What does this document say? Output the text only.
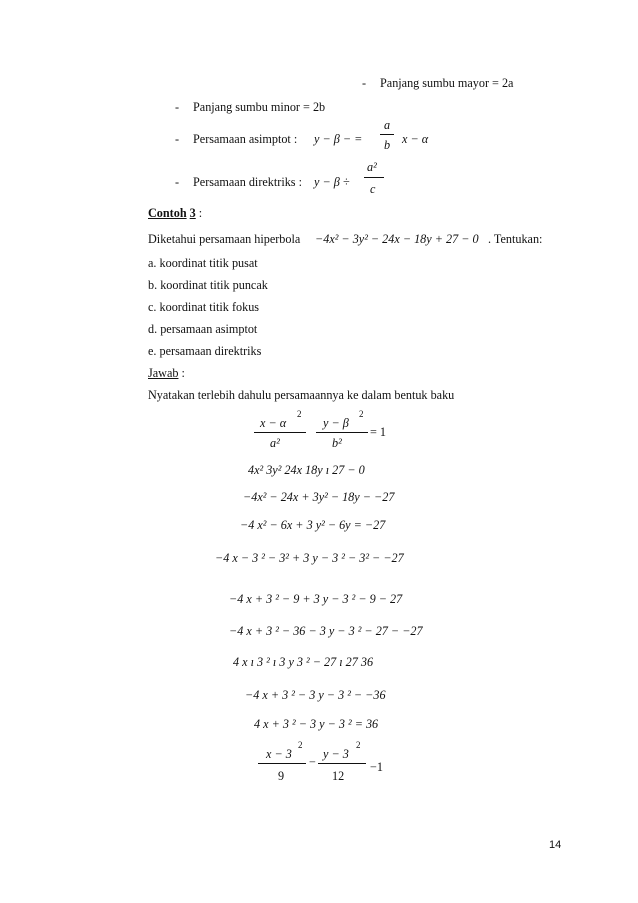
- Panjang sumbu mayor = 2a
- Panjang sumbu minor = 2b
- Persamaan asimptot : y − β − =
a
b x − α
- Persamaan direktriks : y − β ÷
a²
c
Contoh 3 :
Diketahui persamaan hiperbola −4x² − 3y² − 24x − 18y + 27 − 0 . Tentukan:
a. koordinat titik pusat
b. koordinat titik puncak
c. koordinat titik fokus
d. persamaan asimptot
e. persamaan direktriks
Jawab :
Nyatakan terlebih dahulu persamaannya ke dalam bentuk baku
x − α
2
a²
y − β
2
b²
= 1
4x² 3y² 24x 18y ı 27 − 0
−4x² − 24x + 3y² − 18y − −27
−4 x² − 6x + 3 y² − 6y = −27
−4 x − 3 ² − 3² + 3 y − 3 ² − 3² − −27
−4 x + 3 ² − 9 + 3 y − 3 ² − 9 − 27
−4 x + 3 ² − 36 − 3 y − 3 ² − 27 − −27
4 x ı 3 ² ı 3 y 3 ² − 27 ı 27 36
−4 x + 3 ² − 3 y − 3 ² − −36
4 x + 3 ² − 3 y − 3 ² = 36
x − 3
2
9
−
y − 3
2
12
−1
14
